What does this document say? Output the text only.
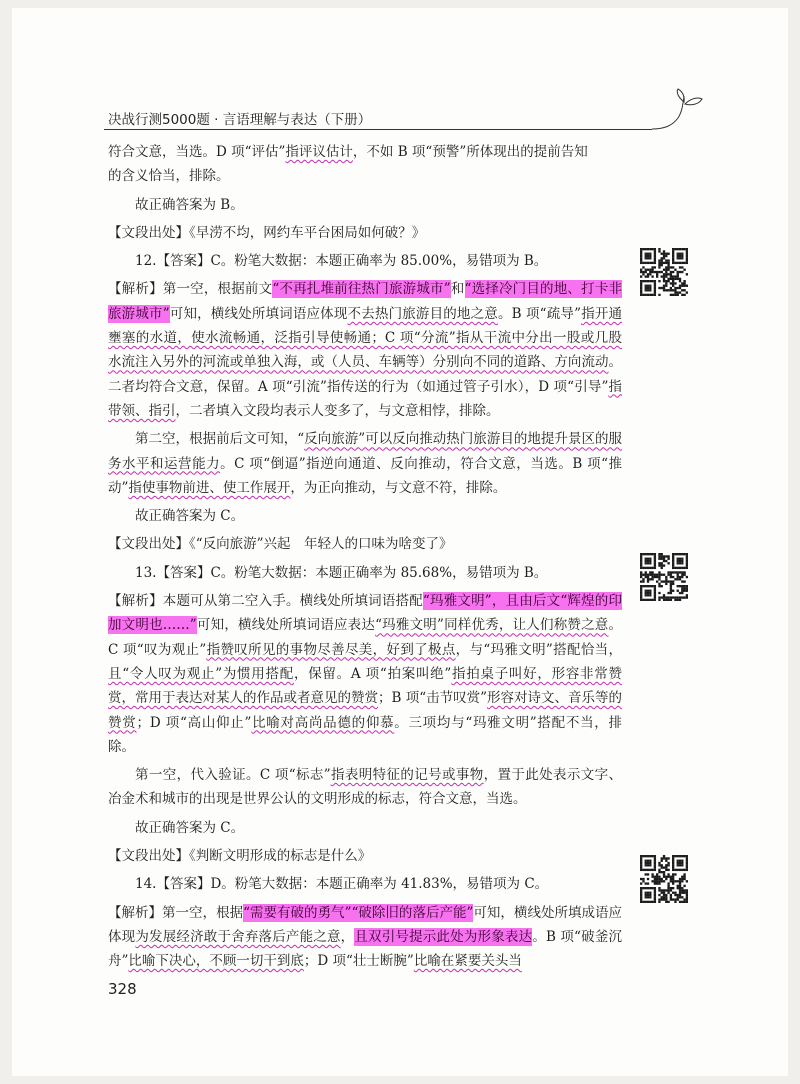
决战行测5000题 · 言语理解与表达（下册）

符合文意，当选。D 项“评估”指评议估计，不如 B 项“预警”所体现出的提前告知

的含义恰当，排除。

故正确答案为 B。

【文段出处】《早涝不均，网约车平台困局如何破？》

12.【答案】C。粉笔大数据：本题正确率为 85.00%，易错项为 B。

【解析】第一空，根据前文“不再扎堆前往热门旅游城市”和“选择冷门目的地、打卡非旅游城市”可知，横线处所填词语应体现不去热门旅游目的地之意。B 项“疏导”指开通壅塞的水道，使水流畅通，泛指引导使畅通；C 项“分流”指从干流中分出一股或几股水流注入另外的河流或单独入海，或（人员、车辆等）分别向不同的道路、方向流动。二者均符合文意，保留。A 项“引流”指传送的行为（如通过管子引水），D 项“引导”指带领、指引，二者填入文段均表示人变多了，与文意相悖，排除。

第二空，根据前后文可知，“反向旅游”可以反向推动热门旅游目的地提升景区的服务水平和运营能力。C 项“倒逼”指逆向通道、反向推动，符合文意，当选。B 项“推动”指使事物前进、使工作展开，为正向推动，与文意不符，排除。

故正确答案为 C。

【文段出处】《“反向旅游”兴起　年轻人的口味为啥变了》

13.【答案】C。粉笔大数据：本题正确率为 85.68%，易错项为 B。

【解析】本题可从第二空入手。横线处所填词语搭配“玛雅文明”，且由后文“辉煌的印加文明也……”可知，横线处所填词语应表达“玛雅文明”同样优秀，让人们称赞之意。C 项“叹为观止”指赞叹所见的事物尽善尽美，好到了极点，与“玛雅文明”搭配恰当，且“令人叹为观止”为惯用搭配，保留。A 项“拍案叫绝”指拍桌子叫好，形容非常赞赏，常用于表达对某人的作品或者意见的赞赏；B 项“击节叹赏”形容对诗文、音乐等的赞赏；D 项“高山仰止”比喻对高尚品德的仰慕。三项均与“玛雅文明”搭配不当，排除。

第一空，代入验证。C 项“标志”指表明特征的记号或事物，置于此处表示文字、冶金术和城市的出现是世界公认的文明形成的标志，符合文意，当选。

故正确答案为 C。

【文段出处】《判断文明形成的标志是什么》

14.【答案】D。粉笔大数据：本题正确率为 41.83%，易错项为 C。

【解析】第一空，根据“需要有破的勇气”“破除旧的落后产能”可知，横线处所填成语应体现为发展经济敢于舍弃落后产能之意，且双引号提示此处为形象表达。B 项“破釜沉舟”比喻下决心，不顾一切干到底；D 项“壮士断腕”比喻在紧要关头当

328
